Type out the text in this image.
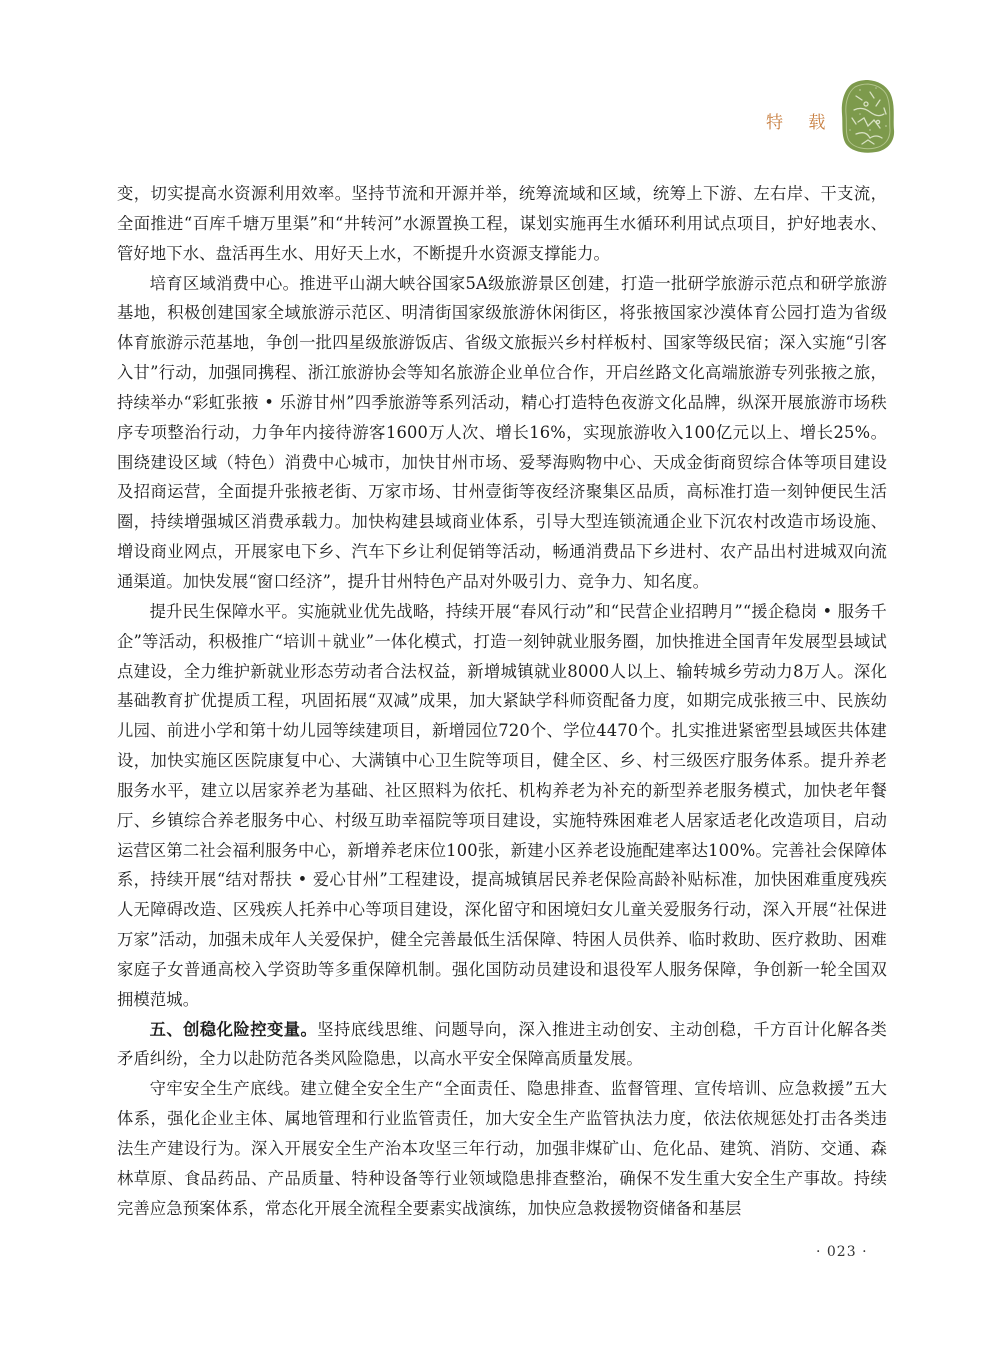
特 载

变，切实提高水资源利用效率。坚持节流和开源并举，统筹流域和区域，统筹上下游、左右岸、干支流，全面推进“百库千塘万里渠”和“井转河”水源置换工程，谋划实施再生水循环利用试点项目，护好地表水、管好地下水、盘活再生水、用好天上水，不断提升水资源支撑能力。

培育区域消费中心。推进平山湖大峡谷国家5A级旅游景区创建，打造一批研学旅游示范点和研学旅游基地，积极创建国家全域旅游示范区、明清街国家级旅游休闲街区，将张掖国家沙漠体育公园打造为省级体育旅游示范基地，争创一批四星级旅游饭店、省级文旅振兴乡村样板村、国家等级民宿；深入实施“引客入甘”行动，加强同携程、浙江旅游协会等知名旅游企业单位合作，开启丝路文化高端旅游专列张掖之旅，持续举办“彩虹张掖 • 乐游甘州”四季旅游等系列活动，精心打造特色夜游文化品牌，纵深开展旅游市场秩序专项整治行动，力争年内接待游客1600万人次、增长16%，实现旅游收入100亿元以上、增长25%。围绕建设区域（特色）消费中心城市，加快甘州市场、爱琴海购物中心、天成金街商贸综合体等项目建设及招商运营，全面提升张掖老街、万家市场、甘州壹街等夜经济聚集区品质，高标准打造一刻钟便民生活圈，持续增强城区消费承载力。加快构建县域商业体系，引导大型连锁流通企业下沉农村改造市场设施、增设商业网点，开展家电下乡、汽车下乡让利促销等活动，畅通消费品下乡进村、农产品出村进城双向流通渠道。加快发展“窗口经济”，提升甘州特色产品对外吸引力、竞争力、知名度。

提升民生保障水平。实施就业优先战略，持续开展“春风行动”和“民营企业招聘月”“援企稳岗 • 服务千企”等活动，积极推广“培训＋就业”一体化模式，打造一刻钟就业服务圈，加快推进全国青年发展型县域试点建设，全力维护新就业形态劳动者合法权益，新增城镇就业8000人以上、输转城乡劳动力8万人。深化基础教育扩优提质工程，巩固拓展“双减”成果，加大紧缺学科师资配备力度，如期完成张掖三中、民族幼儿园、前进小学和第十幼儿园等续建项目，新增园位720个、学位4470个。扎实推进紧密型县域医共体建设，加快实施区医院康复中心、大满镇中心卫生院等项目，健全区、乡、村三级医疗服务体系。提升养老服务水平，建立以居家养老为基础、社区照料为依托、机构养老为补充的新型养老服务模式，加快老年餐厅、乡镇综合养老服务中心、村级互助幸福院等项目建设，实施特殊困难老人居家适老化改造项目，启动运营区第二社会福利服务中心，新增养老床位100张，新建小区养老设施配建率达100%。完善社会保障体系，持续开展“结对帮扶 • 爱心甘州”工程建设，提高城镇居民养老保险高龄补贴标准，加快困难重度残疾人无障碍改造、区残疾人托养中心等项目建设，深化留守和困境妇女儿童关爱服务行动，深入开展“社保进万家”活动，加强未成年人关爱保护，健全完善最低生活保障、特困人员供养、临时救助、医疗救助、困难家庭子女普通高校入学资助等多重保障机制。强化国防动员建设和退役军人服务保障，争创新一轮全国双拥模范城。

五、创稳化险控变量。坚持底线思维、问题导向，深入推进主动创安、主动创稳，千方百计化解各类矛盾纠纷，全力以赴防范各类风险隐患，以高水平安全保障高质量发展。

守牢安全生产底线。建立健全安全生产“全面责任、隐患排查、监督管理、宣传培训、应急救援”五大体系，强化企业主体、属地管理和行业监管责任，加大安全生产监管执法力度，依法依规惩处打击各类违法生产建设行为。深入开展安全生产治本攻坚三年行动，加强非煤矿山、危化品、建筑、消防、交通、森林草原、食品药品、产品质量、特种设备等行业领域隐患排查整治，确保不发生重大安全生产事故。持续完善应急预案体系，常态化开展全流程全要素实战演练，加快应急救援物资储备和基层

· 023 ·
